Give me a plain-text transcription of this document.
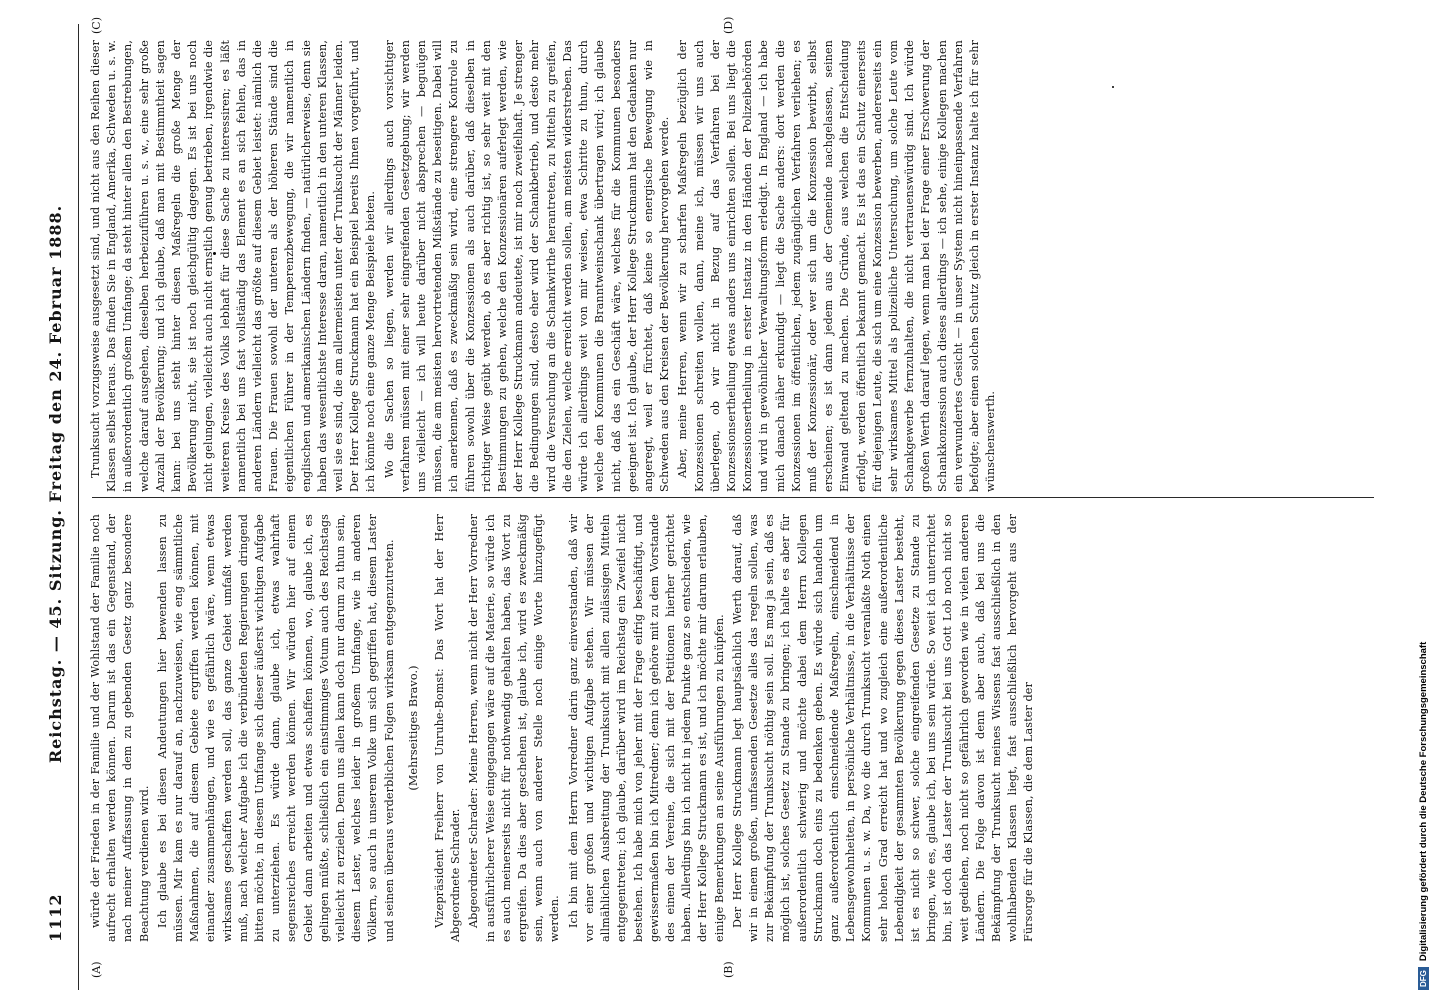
1112
Reichstag. — 45. Sitzung. Freitag den 24. Februar 1888.
(A)	(B)
(C)	(D)

würde der Frieden in der Familie und der Wohlstand der Familie noch aufrecht erhalten werden können. Darum ist das ein Gegenstand, der nach meiner Auffassung in dem zu gebenden Gesetz ganz besondere Beachtung verdienen wird. Ich glaube es bei diesen Andeutungen hier bewenden lassen zu müssen. Mir kam es nur darauf an, nachzuweisen, wie eng sämmtliche Maßnahmen, die auf diesem Gebiete ergriffen werden können, mit einander zusammenhängen, und wie es gefährlich wäre, wenn etwas wirksames geschaffen werden soll, das ganze Gebiet umfaßt werden muß, nach welcher Aufgabe ich die verbündeten Regierungen dringend bitten möchte, in diesem Umfange sich dieser äußerst wichtigen Aufgabe zu unterziehen. Es würde dann, glaube ich, etwas wahrhaft segensreiches erreicht werden können. Wir würden hier auf einem Gebiet dann arbeiten und etwas schaffen können, wo, glaube ich, es gelingen müßte, schließlich ein einstimmiges Votum auch des Reichstags vielleicht zu erzielen. Denn uns allen kann doch nur darum zu thun sein, diesem Laster, welches leider in großem Umfange, wie in anderen Völkern, so auch in unserem Volke um sich gegriffen hat, diesem Laster und seinen überaus verderblichen Folgen wirksam entgegenzutreten. (Mehrseitiges Bravo.) Vizepräsident Freiherr von Unruhe-Bomst: Das Wort hat der Herr Abgeordnete Schrader. Abgeordneter Schrader: Meine Herren, wenn nicht der Herr Vorredner in ausführlicherer Weise eingegangen wäre auf die Materie, so würde ich es auch meinerseits nicht für nothwendig gehalten haben, das Wort zu ergreifen. Da dies aber geschehen ist, glaube ich, wird es zweckmäßig sein, wenn auch von anderer Stelle noch einige Worte hinzugefügt werden. Ich bin mit dem Herrn Vorredner darin ganz einverstanden, daß wir vor einer großen und wichtigen Aufgabe stehen. Wir müssen der allmählichen Ausbreitung der Trunksucht mit allen zulässigen Mitteln entgegentreten; ich glaube, darüber wird im Reichstag ein Zweifel nicht bestehen. Ich habe mich von jeher mit der Frage eifrig beschäftigt, und gewissermaßen bin ich Mitredner; denn ich gehöre mit zu dem Vorstande des einen der Vereine, die sich mit der Petitionen hierher gerichtet haben. Allerdings bin ich nicht in jedem Punkte ganz so entschieden, wie der Herr Kollege Struckmann es ist, und ich möchte mir darum erlauben, einige Bemerkungen an seine Ausführungen zu knüpfen. Der Herr Kollege Struckmann legt hauptsächlich Werth darauf, daß wir in einem großen, umfassenden Gesetze alles das regeln sollen, was zur Bekämpfung der Trunksucht nöthig sein soll. Es mag ja sein, daß es möglich ist, solches Gesetz zu Stande zu bringen; ich halte es aber für außerordentlich schwierig und möchte dabei dem Herrn Kollegen Struckmann doch eins zu bedenken geben. Es würde sich handeln um ganz außerordentlich einschneidende Maßregeln, einschneidend in Lebensgewohnheiten, in persönliche Verhältnisse, in die Verhältnisse der Kommunen u. s. w. Da, wo die durch Trunksucht veranlaßte Noth einen sehr hohen Grad erreicht hat und wo zugleich eine außerordentliche Lebendigkeit der gesammten Bevölkerung gegen dieses Laster besteht, ist es nicht so schwer, solche eingreifenden Gesetze zu Stande zu bringen, wie es, glaube ich, bei uns sein würde. So weit ich unterrichtet bin, ist doch das Laster der Trunksucht bei uns Gott Lob noch nicht so weit gediehen, noch nicht so gefährlich geworden wie in vielen anderen Ländern. Die Folge davon ist denn aber auch, daß bei uns die Bekämpfung der Trunksucht meines Wissens fast ausschließlich in den wohlhabenden Klassen liegt, fast ausschließlich hervorgeht aus der Fürsorge für die Klassen, die dem Laster der

Trunksucht vorzugsweise ausgesetzt sind, und nicht aus den Reihen dieser Klassen selbst heraus. Das finden Sie in England, Amerika, Schweden u. s. w. in außerordentlich großem Umfange; da steht hinter allen den Bestrebungen, welche darauf ausgehen, dieselben herbeizuführen u. s. w., eine sehr große Anzahl der Bevölkerung; und ich glaube, daß man mit Bestimmtheit sagen kann: bei uns steht hinter diesen Maßregeln die große Menge der Bevölkerung nicht, sie ist noch gleichgültig dagegen. Es ist bei uns noch nicht gelungen, vielleicht auch nicht ernstlich genug betrieben, irgendwie die weiteren Kreise des Volks lebhaft für diese Sache zu interessiren; es läßt namentlich bei uns fast vollständig das Element es an sich fehlen, das in anderen Ländern vielleicht das größte auf diesem Gebiet leistet: nämlich die Frauen. Die Frauen sowohl der unteren als der höheren Stände sind die eigentlichen Führer in der Temperenzbewegung, die wir namentlich in englischen und amerikanischen Ländern finden, — natürlicherweise, denn sie haben das wesentlichste Interesse daran, namentlich in den unteren Klassen, weil sie es sind, die am allermeisten unter der Trunksucht der Männer leiden. Der Herr Kollege Struckmann hat ein Beispiel bereits Ihnen vorgeführt, und ich könnte noch eine ganze Menge Beispiele bieten. Wo die Sachen so liegen, werden wir allerdings auch vorsichtiger verfahren müssen mit einer sehr eingreifenden Gesetzgebung; wir werden uns vielleicht — ich will heute darüber nicht absprechen — beguügen müssen, die am meisten hervortretenden Mißstände zu beseitigen. Dabei will ich anerkennen, daß es zweckmäßig sein wird, eine strengere Kontrole zu führen sowohl über die Konzessionen als auch darüber, daß dieselben in richtiger Weise geübt werden, ob es aber richtig ist, so sehr weit mit den Bestimmungen zu gehen, welche den Konzessionären auferlegt werden, wie der Herr Kollege Struckmann andeutete, ist mir noch zweifelhaft. Je strenger die Bedingungen sind, desto eher wird der Schankbetrieb, und desto mehr wird die Versuchung an die Schankwirthe herantreten, zu Mitteln zu greifen, die den Zielen, welche erreicht werden sollen, am meisten widerstreben. Das würde ich allerdings weit von mir weisen, etwa Schritte zu thun, durch welche den Kommunen die Branntweinschank übertragen wird; ich glaube nicht, daß das ein Geschäft wäre, welches für die Kommunen besonders geeignet ist. Ich glaube, der Herr Kollege Struckmann hat den Gedanken nur angeregt, weil er fürchtet, daß keine so energische Bewegung wie in Schweden aus den Kreisen der Bevölkerung hervorgehen werde. Aber, meine Herren, wenn wir zu scharfen Maßregeln bezüglich der Konzessionen schreiten wollen, dann, meine ich, müssen wir uns auch überlegen, ob wir nicht in Bezug auf das Verfahren bei der Konzessionsertheilung etwas anders uns einrichten sollen. Bei uns liegt die Konzessionsertheilung in erster Instanz in den Händen der Polizeibehörden und wird in gewöhnlicher Verwaltungsform erledigt. In England — ich habe mich danach näher erkundigt — liegt die Sache anders: dort werden die Konzessionen im öffentlichen, jedem zugänglichen Verfahren verliehen; es muß der Konzessionär, oder wer sich um die Konzession bewirbt, selbst erscheinen; es ist dann jedem aus der Gemeinde nachgelassen, seinen Einwand geltend zu machen. Die Gründe, aus welchen die Entscheidung erfolgt, werden öffentlich bekannt gemacht. Es ist das ein Schutz einerseits für diejenigen Leute, die sich um eine Konzession bewerben, andererseits ein sehr wirksames Mittel als polizeiliche Untersuchung, um solche Leute vom Schankgewerbe fernzuhalten, die nicht vertrauenswürdig sind. Ich würde großen Werth darauf legen, wenn man bei der Frage einer Erschwerung der Schankkonzession auch dieses allerdings — ich sehe, einige Kollegen machen ein verwundertes Gesicht — in unser System nicht hineinpassende Verfahren befolgte; aber einen solchen Schutz gleich in erster Instanz halte ich für sehr wünschenswerth.

DFGDigitalisierung gefördert durch die Deutsche Forschungsgemeinschaft
